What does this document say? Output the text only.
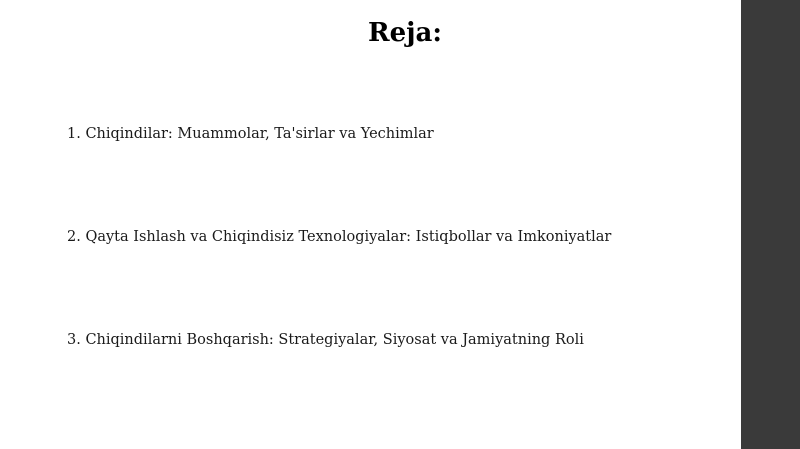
Reja:
1. Chiqindilar: Muammolar, Ta'sirlar va Yechimlar
2. Qayta Ishlash va Chiqindisiz Texnologiyalar: Istiqbollar va Imkoniyatlar
3. Chiqindilarni Boshqarish: Strategiyalar, Siyosat va Jamiyatning Roli
